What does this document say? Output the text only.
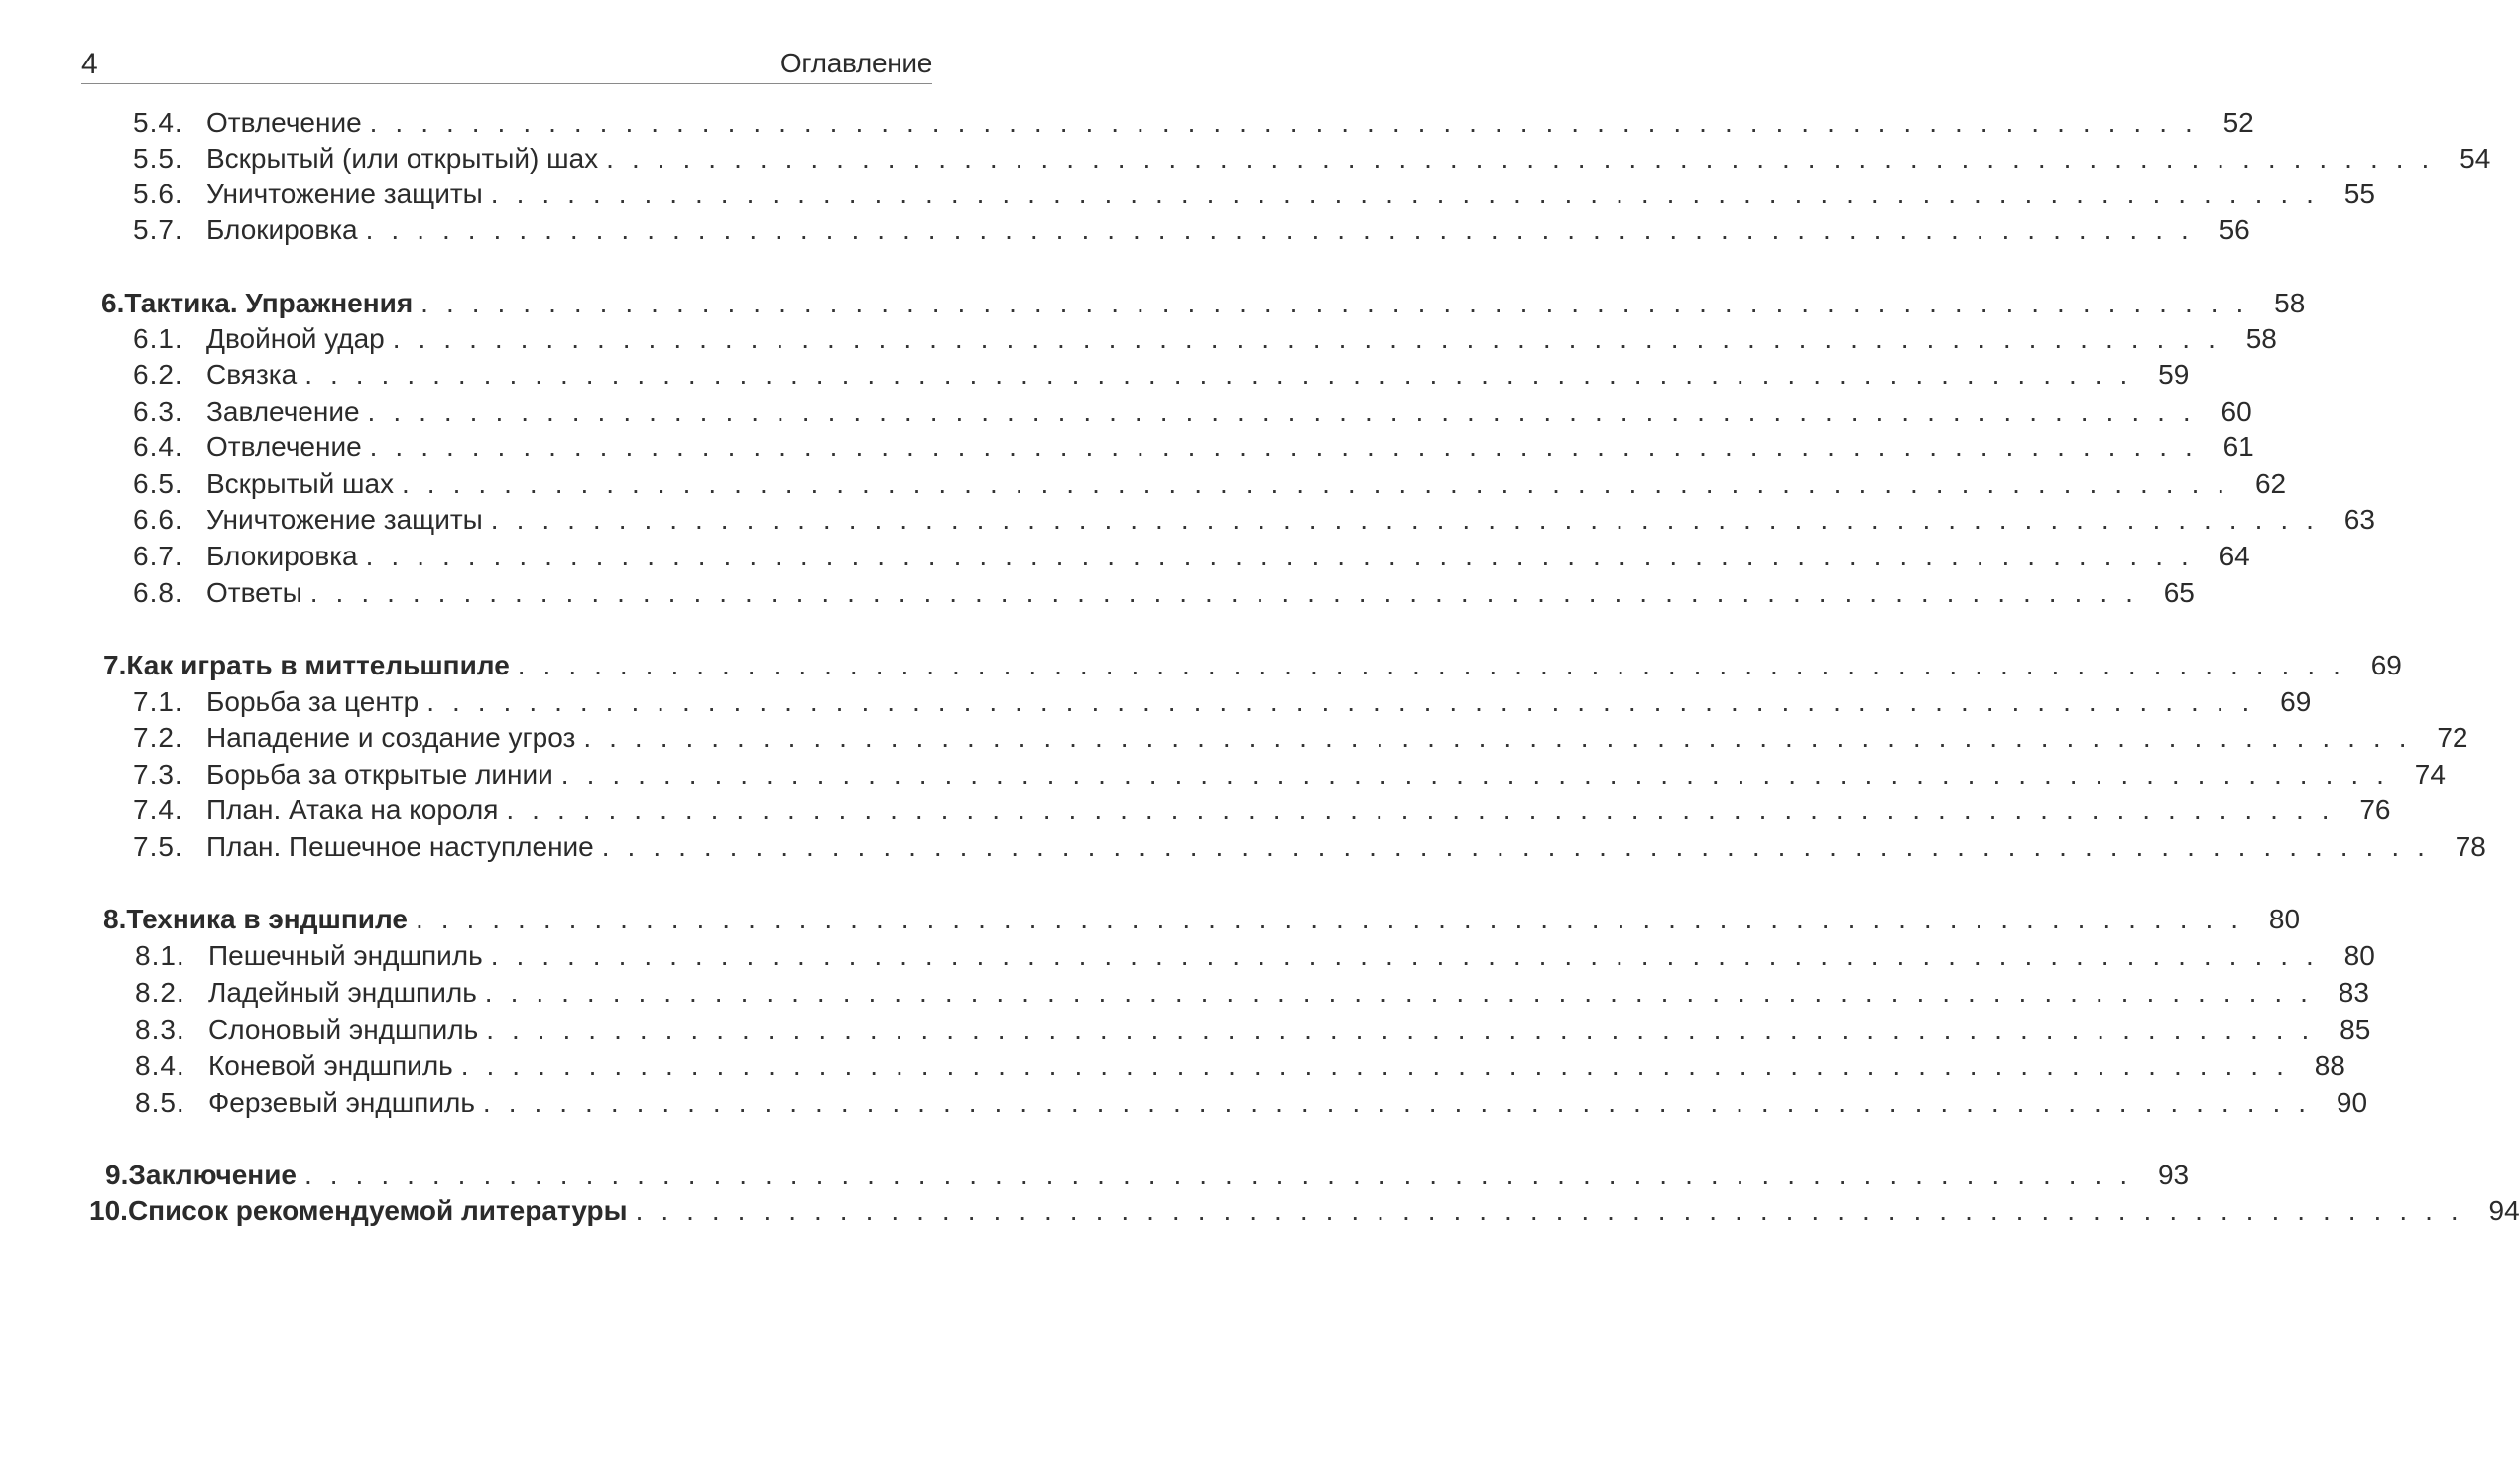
4	Оглавление
5.4. Отвлечение ........................................................................ 52
5.5. Вскрытый (или открытый) шах ........................................................................ 54
5.6. Уничтожение защиты ........................................................................ 55
5.7. Блокировка ........................................................................ 56
6. Тактика. Упражнения ........................................................................ 58
6.1. Двойной удар ........................................................................ 58
6.2. Связка ........................................................................ 59
6.3. Завлечение ........................................................................ 60
6.4. Отвлечение ........................................................................ 61
6.5. Вскрытый шах ........................................................................ 62
6.6. Уничтожение защиты ........................................................................ 63
6.7. Блокировка ........................................................................ 64
6.8. Ответы ........................................................................ 65
7. Как играть в миттельшпиле ........................................................................ 69
7.1. Борьба за центр ........................................................................ 69
7.2. Нападение и создание угроз ........................................................................ 72
7.3. Борьба за открытые линии ........................................................................ 74
7.4. План. Атака на короля ........................................................................ 76
7.5. План. Пешечное наступление ........................................................................ 78
8. Техника в эндшпиле ........................................................................ 80
8.1. Пешечный эндшпиль ........................................................................ 80
8.2. Ладейный эндшпиль ........................................................................ 83
8.3. Слоновый эндшпиль ........................................................................ 85
8.4. Коневой эндшпиль ........................................................................ 88
8.5. Ферзевый эндшпиль ........................................................................ 90
9. Заключение ........................................................................ 93
10. Список рекомендуемой литературы ........................................................................ 94
